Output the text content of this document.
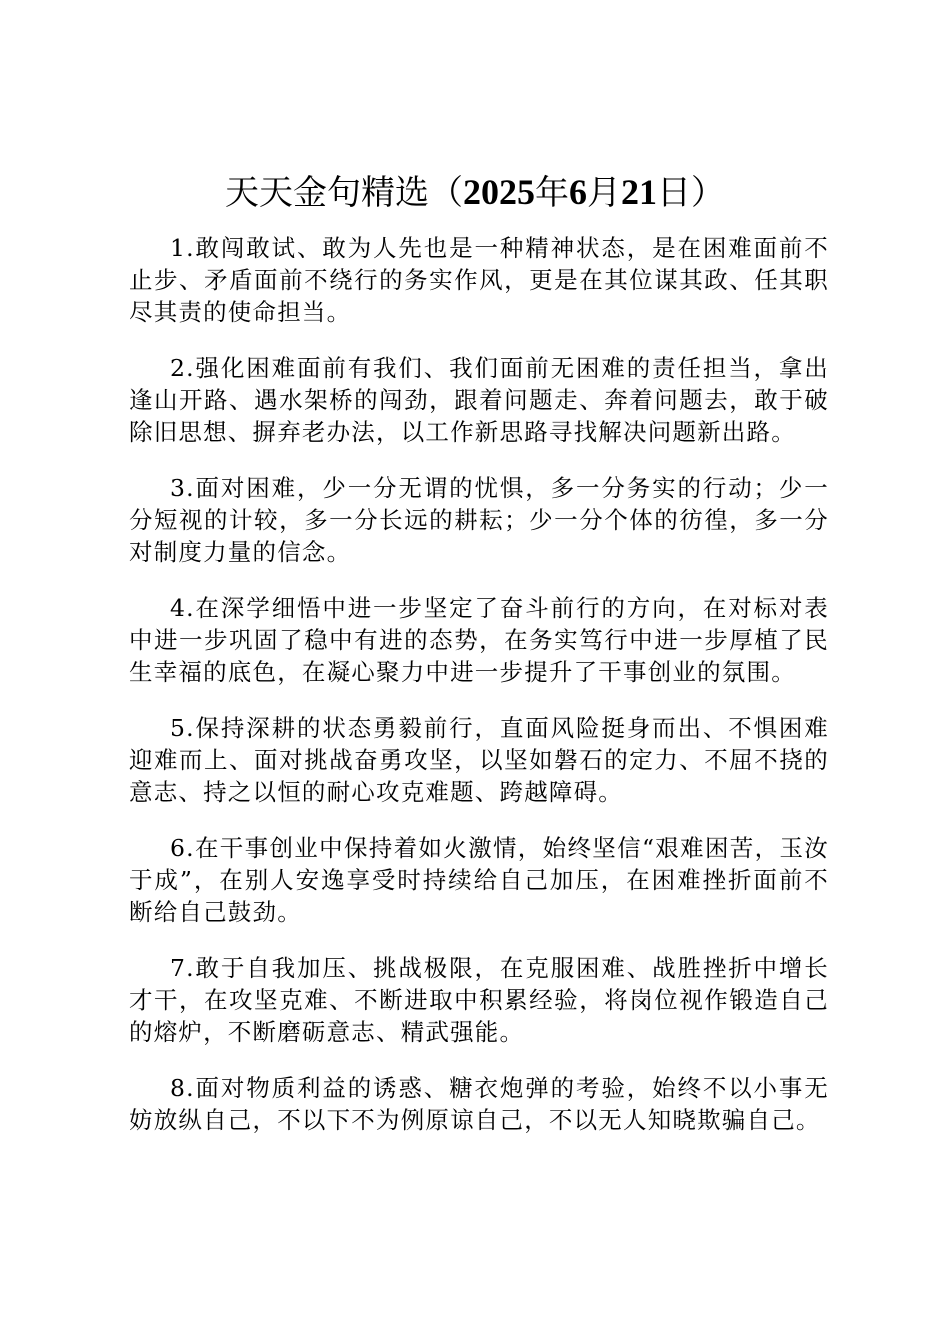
天天金句精选（2025年6月21日）

1.敢闯敢试、敢为人先也是一种精神状态，是在困难面前不止步、矛盾面前不绕行的务实作风，更是在其位谋其政、任其职尽其责的使命担当。

2.强化困难面前有我们、我们面前无困难的责任担当，拿出逢山开路、遇水架桥的闯劲，跟着问题走、奔着问题去，敢于破除旧思想、摒弃老办法，以工作新思路寻找解决问题新出路。

3.面对困难，少一分无谓的忧惧，多一分务实的行动；少一分短视的计较，多一分长远的耕耘；少一分个体的彷徨，多一分对制度力量的信念。

4.在深学细悟中进一步坚定了奋斗前行的方向，在对标对表中进一步巩固了稳中有进的态势，在务实笃行中进一步厚植了民生幸福的底色，在凝心聚力中进一步提升了干事创业的氛围。

5.保持深耕的状态勇毅前行，直面风险挺身而出、不惧困难迎难而上、面对挑战奋勇攻坚，以坚如磐石的定力、不屈不挠的意志、持之以恒的耐心攻克难题、跨越障碍。

6.在干事创业中保持着如火激情，始终坚信“艰难困苦，玉汝于成”，在别人安逸享受时持续给自己加压，在困难挫折面前不断给自己鼓劲。

7.敢于自我加压、挑战极限，在克服困难、战胜挫折中增长才干，在攻坚克难、不断进取中积累经验，将岗位视作锻造自己的熔炉，不断磨砺意志、精武强能。

8.面对物质利益的诱惑、糖衣炮弹的考验，始终不以小事无妨放纵自己，不以下不为例原谅自己，不以无人知晓欺骗自己。
